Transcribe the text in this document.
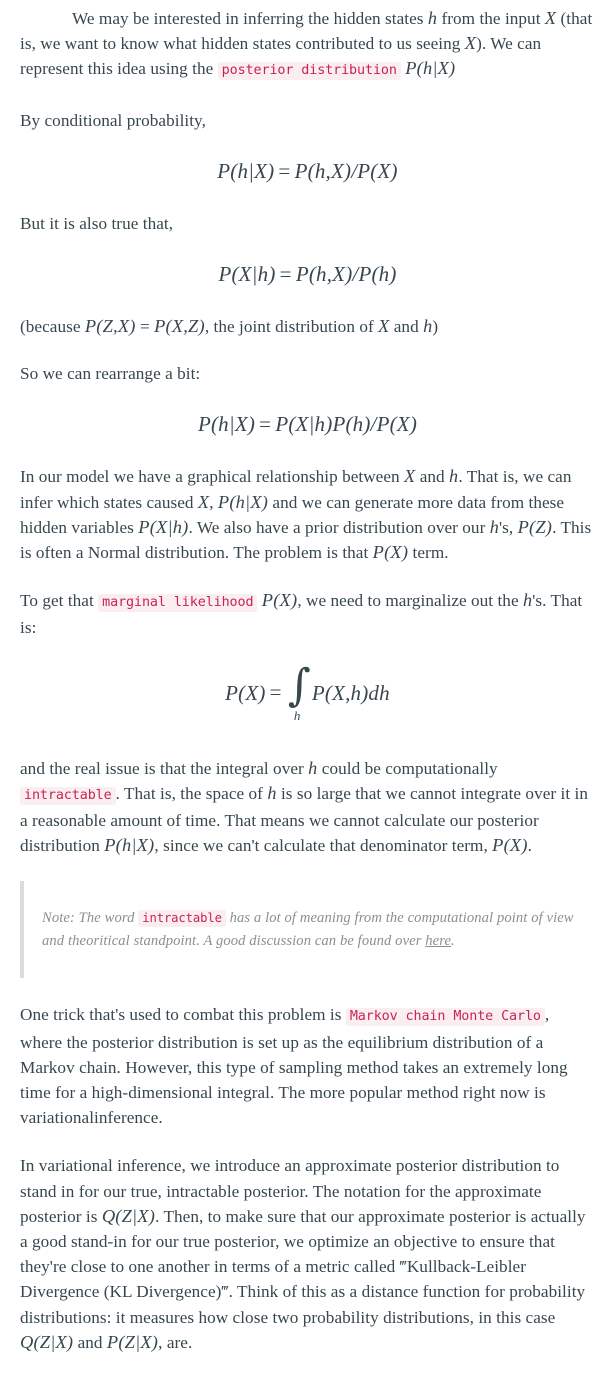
We may be interested in inferring the hidden states h from the input X (that is, we want to know what hidden states contributed to us seeing X). We can represent this idea using the posterior distribution P(h|X)

By conditional probability,

P(h|X) = P(h,X)/P(X)

But it is also true that,

P(X|h) = P(h,X)/P(h)

(because P(Z,X) = P(X,Z), the joint distribution of X and h)

So we can rearrange a bit:

P(h|X) = P(X|h)P(h)/P(X)

In our model we have a graphical relationship between X and h. That is, we can infer which states caused X, P(h|X) and we can generate more data from these hidden variables P(X|h). We also have a prior distribution over our h's, P(Z). This is often a Normal distribution. The problem is that P(X) term.

To get that marginal likelihood P(X), we need to marginalize out the h's. That is:

P(X) = ∫
h
P(X,h)dh

and the real issue is that the integral over h could be computationally intractable . That is, the space of h is so large that we cannot integrate over it in a reasonable amount of time. That means we cannot calculate our posterior distribution P(h|X), since we can't calculate that denominator term, P(X).

Note: The word intractable has a lot of meaning from the computational point of view and theoritical standpoint. A good discussion can be found over here.

One trick that's used to combat this problem is Markov chain Monte Carlo , where the posterior distribution is set up as the equilibrium distribution of a Markov chain. However, this type of sampling method takes an extremely long time for a high-dimensional integral. The more popular method right now is variationalinference.

In variational inference, we introduce an approximate posterior distribution to stand in for our true, intractable posterior. The notation for the approximate posterior is Q(Z|X). Then, to make sure that our approximate posterior is actually a good stand-in for our true posterior, we optimize an objective to ensure that they're close to one another in terms of a metric called ‴Kullback-Leibler Divergence (KL Divergence)‴. Think of this as a distance function for probability distributions: it measures how close two probability distributions, in this case Q(Z|X) and P(Z|X), are.
